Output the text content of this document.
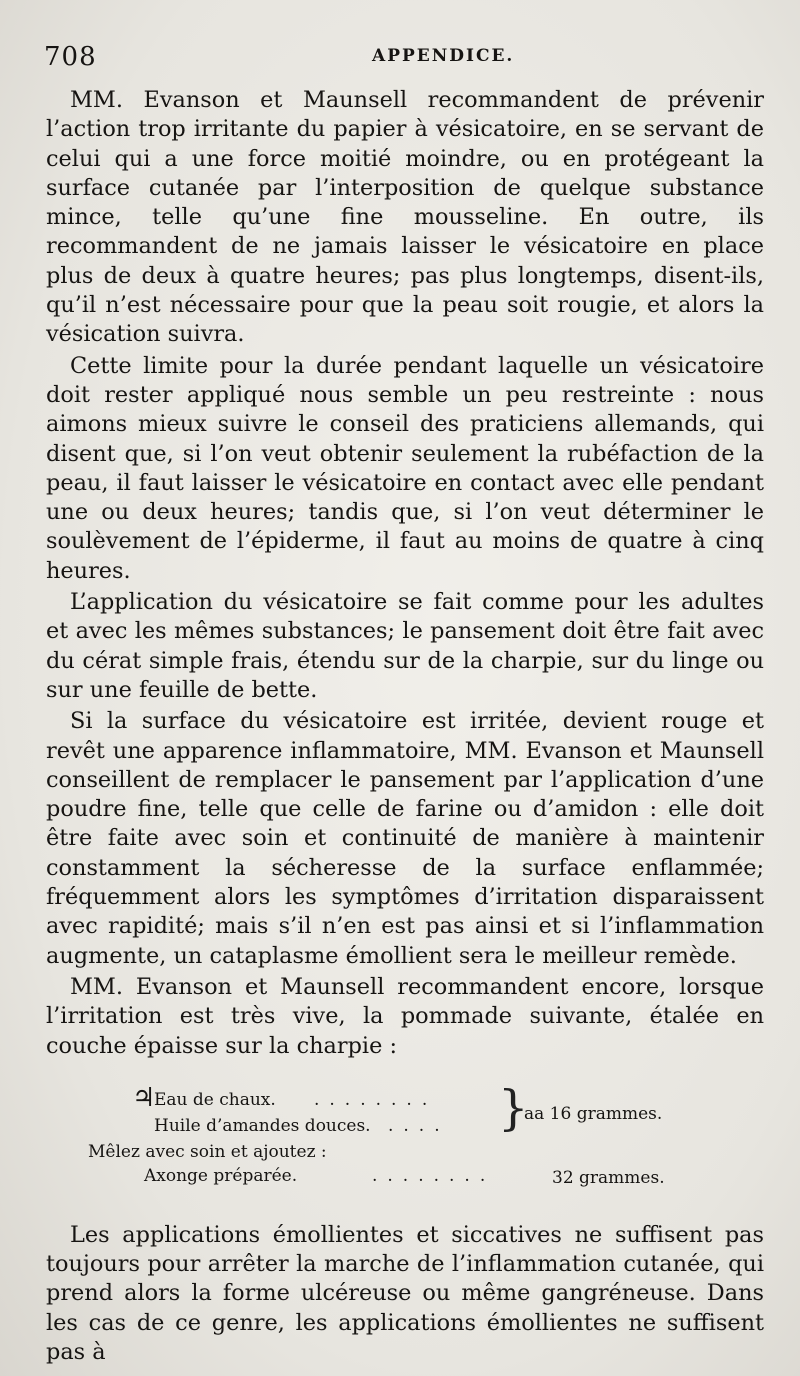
708	APPENDICE.

MM. Evanson et Maunsell recommandent de prévenir l’action trop irritante du papier à vésicatoire, en se servant de celui qui a une force moitié moindre, ou en protégeant la surface cutanée par l’interposition de quelque substance mince, telle qu’une fine mousseline. En outre, ils recommandent de ne jamais laisser le vésicatoire en place plus de deux à quatre heures; pas plus longtemps, disent-ils, qu’il n’est nécessaire pour que la peau soit rougie, et alors la vésication suivra.

Cette limite pour la durée pendant laquelle un vésicatoire doit rester appliqué nous semble un peu restreinte : nous aimons mieux suivre le conseil des praticiens allemands, qui disent que, si l’on veut obtenir seulement la rubéfaction de la peau, il faut laisser le vésicatoire en contact avec elle pendant une ou deux heures; tandis que, si l’on veut déterminer le soulèvement de l’épiderme, il faut au moins de quatre à cinq heures.

L’application du vésicatoire se fait comme pour les adultes et avec les mêmes substances; le pansement doit être fait avec du cérat simple frais, étendu sur de la charpie, sur du linge ou sur une feuille de bette.

Si la surface du vésicatoire est irritée, devient rouge et revêt une apparence inflammatoire, MM. Evanson et Maunsell conseillent de remplacer le pansement par l’application d’une poudre fine, telle que celle de farine ou d’amidon : elle doit être faite avec soin et continuité de manière à maintenir constamment la sécheresse de la surface enflammée; fréquemment alors les symptômes d’irritation disparaissent avec rapidité; mais s’il n’en est pas ainsi et si l’inflammation augmente, un cataplasme émollient sera le meilleur remède.

MM. Evanson et Maunsell recommandent encore, lorsque l’irritation est très vive, la pommade suivante, étalée en couche épaisse sur la charpie :

♃
Eau de chaux. ........
Huile d’amandes douces. .... }
aa 16 grammes.
Mêlez avec soin et ajoutez :
Axonge préparée.	........	32 grammes.

Les applications émollientes et siccatives ne suffisent pas toujours pour arrêter la marche de l’inflammation cutanée, qui prend alors la forme ulcéreuse ou même gangréneuse. Dans les cas de ce genre, les applications émollientes ne suffisent pas à
